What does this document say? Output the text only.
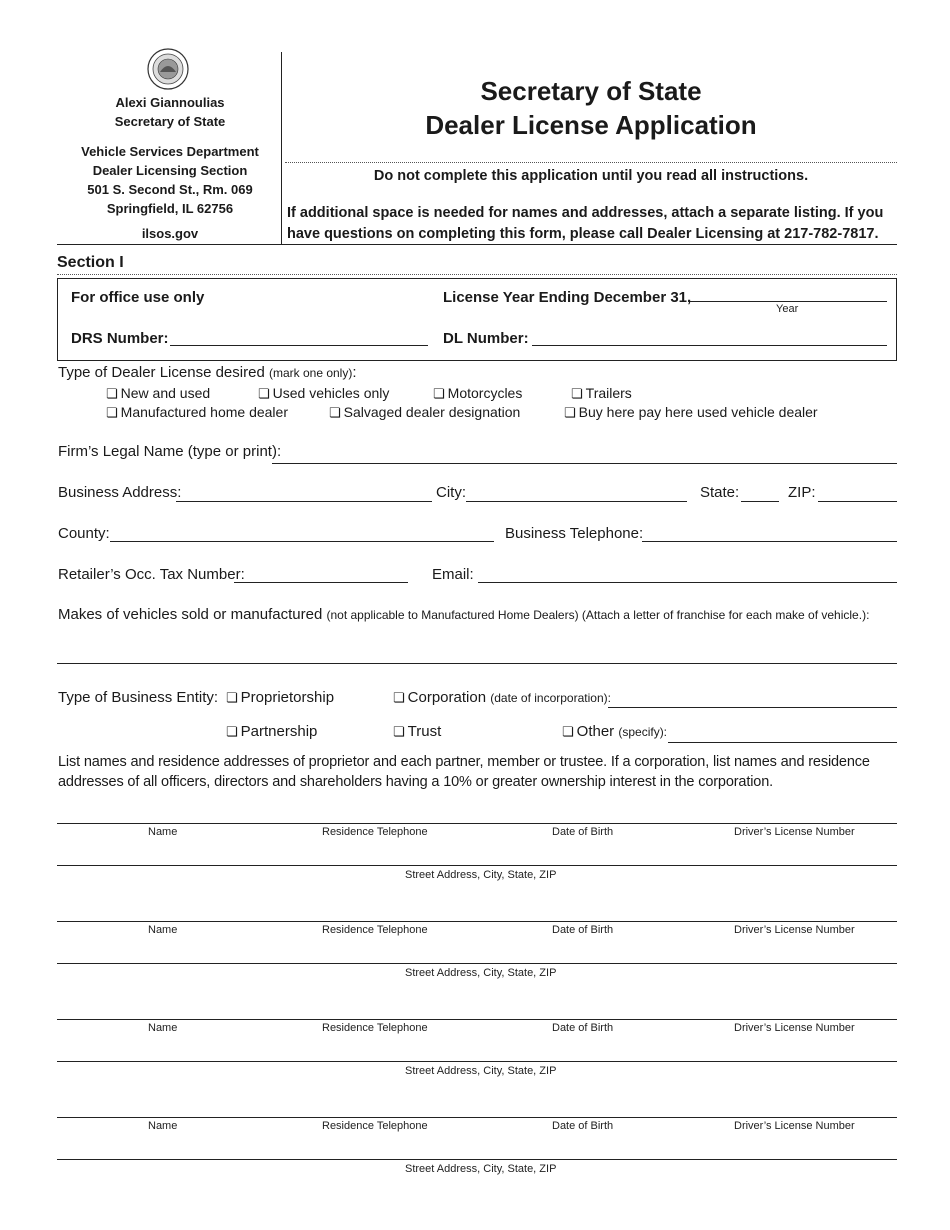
Alexi Giannoulias
Secretary of State
Vehicle Services Department
Dealer Licensing Section
501 S. Second St., Rm. 069
Springfield, IL 62756
ilsos.gov
Secretary of State
Dealer License Application
Do not complete this application until you read all instructions.
If additional space is needed for names and addresses, attach a separate listing. If you have questions on completing this form, please call Dealer Licensing at 217-782-7817.
Section I
For office use only	License Year Ending December 31,
Year
DRS Number:	DL Number:
Type of Dealer License desired (mark one only):
❏ New and used	❏ Used vehicles only	❏ Motorcycles	❏ Trailers
❏ Manufactured home dealer	❏ Salvaged dealer designation	❏ Buy here pay here used vehicle dealer
Firm’s Legal Name (type or print):
Business Address:	City:	State:	ZIP:
County:	Business Telephone:
Retailer’s Occ. Tax Number:	Email:
Makes of vehicles sold or manufactured (not applicable to Manufactured Home Dealers) (Attach a letter of franchise for each make of vehicle.):
Type of Business Entity: ❏ Proprietorship	❏ Corporation (date of incorporation):
❏ Partnership	❏ Trust	❏ Other (specify):
List names and residence addresses of proprietor and each partner, member or trustee. If a corporation, list names and residence addresses of all officers, directors and shareholders having a 10% or greater ownership interest in the corporation.
Name	Residence Telephone	Date of Birth	Driver’s License Number
Street Address, City, State, ZIP
Name	Residence Telephone	Date of Birth	Driver’s License Number
Street Address, City, State, ZIP
Name	Residence Telephone	Date of Birth	Driver’s License Number
Street Address, City, State, ZIP
Name	Residence Telephone	Date of Birth	Driver’s License Number
Street Address, City, State, ZIP
